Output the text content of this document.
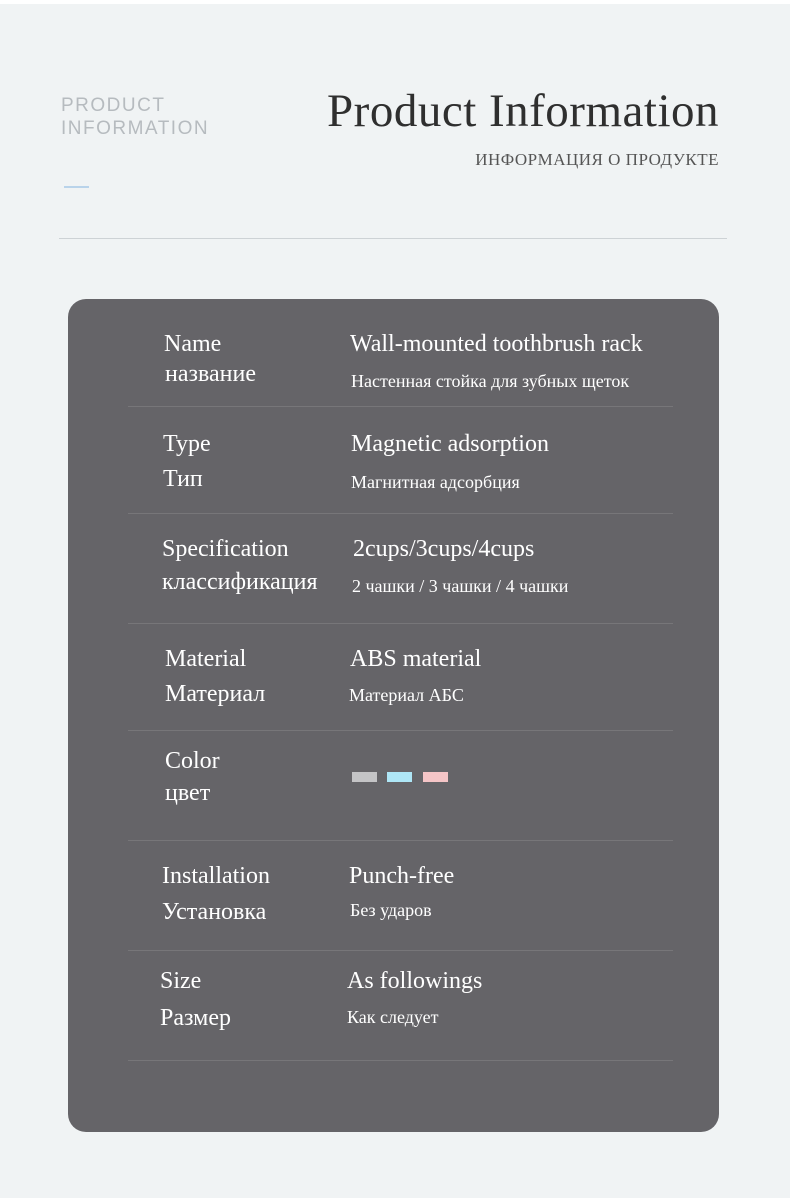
PRODUCT
INFORMATION	Product Information
ИНФОРМАЦИЯ О ПРОДУКТЕ
Name
название
Wall-mounted toothbrush rack
Настенная стойка для зубных щеток
Type
Тип
Magnetic adsorption
Магнитная адсорбция
Specification
классификация
2cups/3cups/4cups
2 чашки / 3 чашки / 4 чашки
Material
Материал
ABS material
Материал АБС
Color
цвет
Installation
Установка
Punch-free
Без ударов
Size
Размер
As followings
Как следует
